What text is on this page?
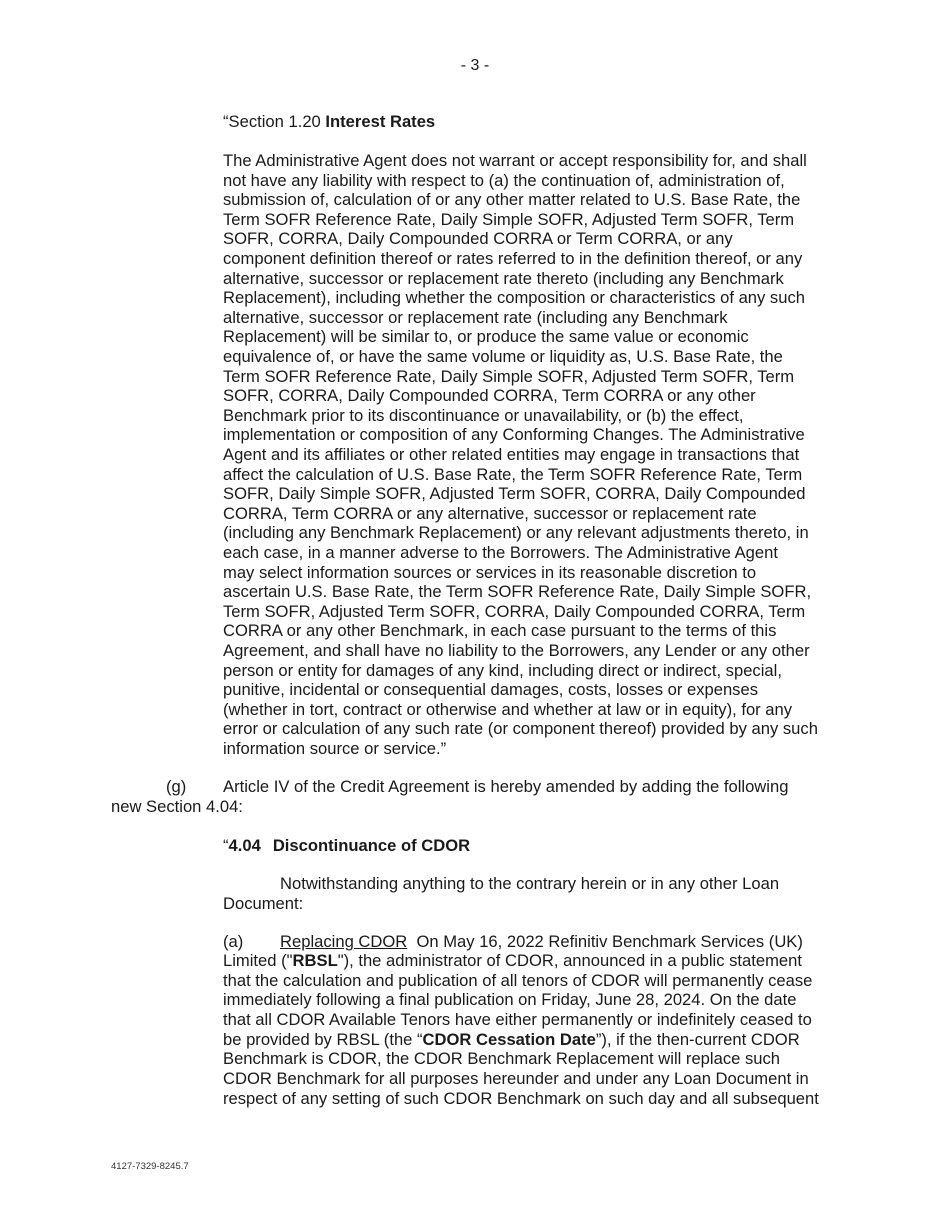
- 3 -
“Section 1.20 Interest Rates
The Administrative Agent does not warrant or accept responsibility for, and shall
not have any liability with respect to (a) the continuation of, administration of,
submission of, calculation of or any other matter related to U.S. Base Rate, the
Term SOFR Reference Rate, Daily Simple SOFR, Adjusted Term SOFR, Term
SOFR, CORRA, Daily Compounded CORRA or Term CORRA, or any
component definition thereof or rates referred to in the definition thereof, or any
alternative, successor or replacement rate thereto (including any Benchmark
Replacement), including whether the composition or characteristics of any such
alternative, successor or replacement rate (including any Benchmark
Replacement) will be similar to, or produce the same value or economic
equivalence of, or have the same volume or liquidity as, U.S. Base Rate, the
Term SOFR Reference Rate, Daily Simple SOFR, Adjusted Term SOFR, Term
SOFR, CORRA, Daily Compounded CORRA, Term CORRA or any other
Benchmark prior to its discontinuance or unavailability, or (b) the effect,
implementation or composition of any Conforming Changes. The Administrative
Agent and its affiliates or other related entities may engage in transactions that
affect the calculation of U.S. Base Rate, the Term SOFR Reference Rate, Term
SOFR, Daily Simple SOFR, Adjusted Term SOFR, CORRA, Daily Compounded
CORRA, Term CORRA or any alternative, successor or replacement rate
(including any Benchmark Replacement) or any relevant adjustments thereto, in
each case, in a manner adverse to the Borrowers. The Administrative Agent
may select information sources or services in its reasonable discretion to
ascertain U.S. Base Rate, the Term SOFR Reference Rate, Daily Simple SOFR,
Term SOFR, Adjusted Term SOFR, CORRA, Daily Compounded CORRA, Term
CORRA or any other Benchmark, in each case pursuant to the terms of this
Agreement, and shall have no liability to the Borrowers, any Lender or any other
person or entity for damages of any kind, including direct or indirect, special,
punitive, incidental or consequential damages, costs, losses or expenses
(whether in tort, contract or otherwise and whether at law or in equity), for any
error or calculation of any such rate (or component thereof) provided by any such
information source or service.”
(g) Article IV of the Credit Agreement is hereby amended by adding the following
new Section 4.04:
“4.04 Discontinuance of CDOR
Notwithstanding anything to the contrary herein or in any other Loan
Document:
(a) Replacing CDOR  On May 16, 2022 Refinitiv Benchmark Services (UK)
Limited ("RBSL"), the administrator of CDOR, announced in a public statement
that the calculation and publication of all tenors of CDOR will permanently cease
immediately following a final publication on Friday, June 28, 2024. On the date
that all CDOR Available Tenors have either permanently or indefinitely ceased to
be provided by RBSL (the “CDOR Cessation Date”), if the then-current CDOR
Benchmark is CDOR, the CDOR Benchmark Replacement will replace such
CDOR Benchmark for all purposes hereunder and under any Loan Document in
respect of any setting of such CDOR Benchmark on such day and all subsequent
4127-7329-8245.7
